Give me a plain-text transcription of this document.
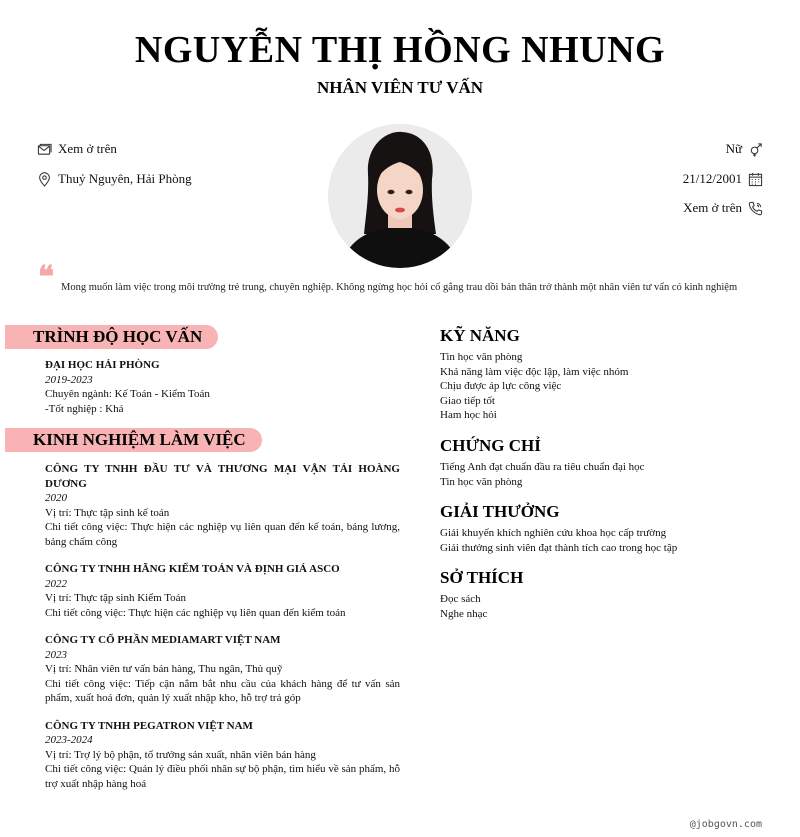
NGUYỄN THỊ HỒNG NHUNG
NHÂN VIÊN TƯ VẤN
Xem ở trên
Thuỷ Nguyên, Hải Phòng
Nữ
21/12/2001
Xem ở trên
❝ Mong muốn làm việc trong môi trường trẻ trung, chuyên nghiệp. Không ngừng học hỏi cố gắng trau dồi bản thân trở thành một nhân viên tư vấn có kinh nghiệm
TRÌNH ĐỘ HỌC VẤN
ĐẠI HỌC HẢI PHÒNG
2019-2023
Chuyên ngành: Kế Toán - Kiểm Toán
-Tốt nghiệp : Khá
KINH NGHIỆM LÀM VIỆC
CÔNG TY TNHH ĐẦU TƯ VÀ THƯƠNG MẠI VẬN TẢI HOÀNG DƯƠNG
2020
Vị trí: Thực tập sinh kế toán
Chi tiết công việc: Thực hiện các nghiệp vụ liên quan đến kế toán, bảng lương, bảng chấm công
CÔNG TY TNHH HÃNG KIỂM TOÁN VÀ ĐỊNH GIÁ ASCO
2022
Vị trí: Thực tập sinh Kiểm Toán
Chi tiết công việc: Thực hiện các nghiệp vụ liên quan đến kiểm toán
CÔNG TY CỔ PHẦN MEDIAMART VIỆT NAM
2023
Vị trí: Nhân viên tư vấn bán hàng, Thu ngân, Thủ quỹ
Chi tiết công việc: Tiếp cận nắm bắt nhu cầu của khách hàng để tư vấn sản phẩm, xuất hoá đơn, quản lý xuất nhập kho, hỗ trợ trả góp
CÔNG TY TNHH PEGATRON VIỆT NAM
2023-2024
Vị trí: Trợ lý bộ phận, tổ trưởng sản xuất, nhân viên bán hàng
Chi tiết công việc: Quản lý điều phối nhân sự bộ phận, tìm hiểu về sản phẩm, hỗ trợ xuất nhập hàng hoá
KỸ NĂNG
Tin học văn phòng
Khả năng làm việc độc lập, làm việc nhóm
Chịu được áp lực công việc
Giao tiếp tốt
Ham học hỏi
CHỨNG CHỈ
Tiếng Anh đạt chuẩn đầu ra tiêu chuẩn đại học
Tin học văn phòng
GIẢI THƯỞNG
Giải khuyến khích nghiên cứu khoa học cấp trường
Giải thưởng sinh viên đạt thành tích cao trong học tập
SỞ THÍCH
Đọc sách
Nghe nhạc
@jobgovn.com
